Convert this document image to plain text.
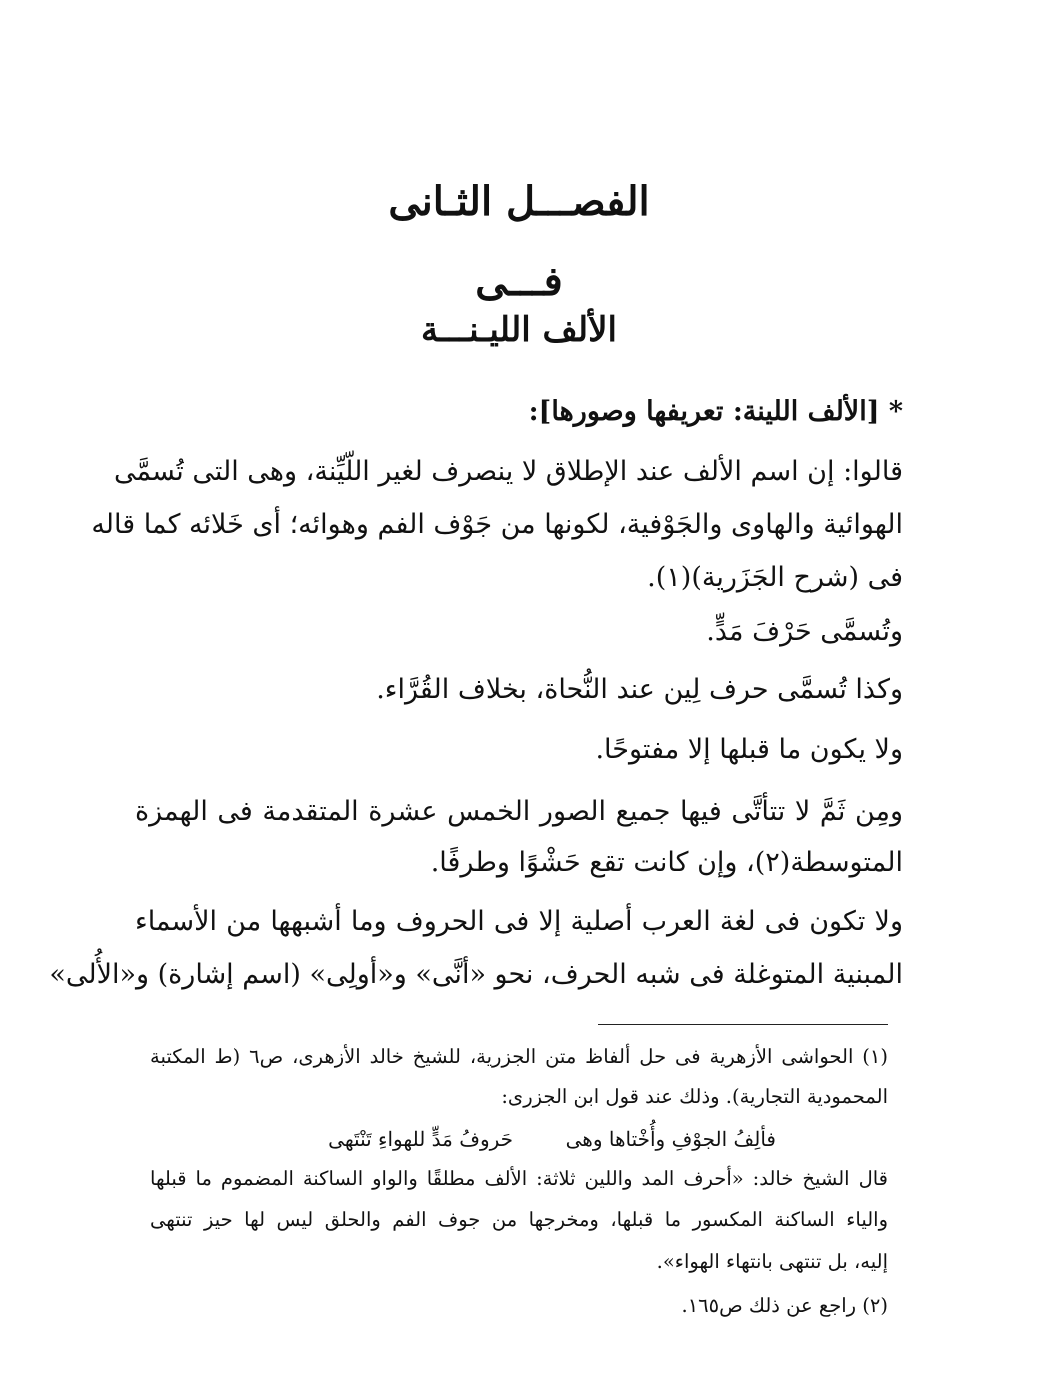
الفصـــل الثـانى
فـــى
الألف الليـنـــة
* [الألف اللينة: تعريفها وصورها]:
قالوا: إن اسم الألف عند الإطلاق لا ينصرف لغير اللّيِّنة، وهى التى تُسمَّى
الهوائية والهاوى والجَوْفية، لكونها من جَوْف الفم وهوائه؛ أى خَلائه كما قاله
فى (شرح الجَزَرية)(١).
وتُسمَّى حَرْفَ مَدٍّ.
وكذا تُسمَّى حرف لِين عند النُّحاة، بخلاف القُرَّاء.
ولا يكون ما قبلها إلا مفتوحًا.
ومِن ثَمَّ لا تتأتَّى فيها جميع الصور الخمس عشرة المتقدمة فى الهمزة
المتوسطة(٢)، وإن كانت تقع حَشْوًا وطرفًا.
ولا تكون فى لغة العرب أصلية إلا فى الحروف وما أشبهها من الأسماء
المبنية المتوغلة فى شبه الحرف، نحو «أنَّى» و«أولِى» (اسم إشارة) و«الأُلى»
(١) الحواشى الأزهرية فى حل ألفاظ متن الجزرية، للشيخ خالد الأزهرى، ص٦ (ط المكتبة
المحمودية التجارية). وذلك عند قول ابن الجزرى:
فألِفُ الجوْفِ وأُخْتاها وهى
حَروفُ مَدٍّ للهواءِ تَنْتَهى
قال الشيخ خالد: «أحرف المد واللين ثلاثة: الألف مطلقًا والواو الساكنة المضموم ما قبلها
والياء الساكنة المكسور ما قبلها، ومخرجها من جوف الفم والحلق ليس لها حيز تنتهى
إليه، بل تنتهى بانتهاء الهواء».
(٢) راجع عن ذلك ص١٦٥.
